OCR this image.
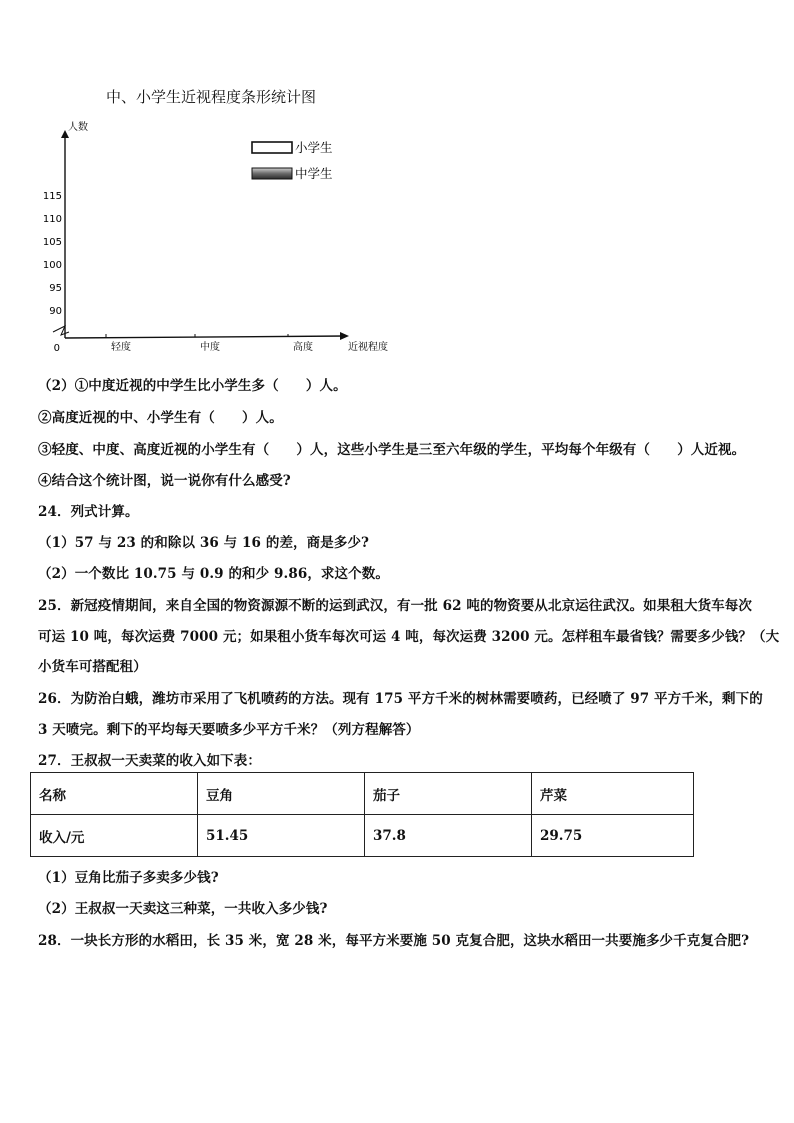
中、小学生近视程度条形统计图
人数
近视程度
90
95
100
105
110
115
0	轻度	中度	高度
小学生
中学生
（2）①中度近视的中学生比小学生多（　　）人。
②高度近视的中、小学生有（　　）人。
③轻度、中度、高度近视的小学生有（　　）人，这些小学生是三至六年级的学生，平均每个年级有（　　）人近视。
④结合这个统计图，说一说你有什么感受?
24．列式计算。
（1）57 与 23 的和除以 36 与 16 的差，商是多少?
（2）一个数比 10.75 与 0.9 的和少 9.86，求这个数。
25．新冠疫情期间，来自全国的物资源源不断的运到武汉，有一批 62 吨的物资要从北京运往武汉。如果租大货车每次
可运 10 吨，每次运费 7000 元；如果租小货车每次可运 4 吨，每次运费 3200 元。怎样租车最省钱？需要多少钱？（大
小货车可搭配租）
26．为防治白蛾，潍坊市采用了飞机喷药的方法。现有 175 平方千米的树林需要喷药，已经喷了 97 平方千米，剩下的
3 天喷完。剩下的平均每天要喷多少平方千米？（列方程解答）
27．王叔叔一天卖菜的收入如下表：
名称	豆角	茄子	芹菜
收入/元	51.45	37.8	29.75
（1）豆角比茄子多卖多少钱?
（2）王叔叔一天卖这三种菜，一共收入多少钱?
28．一块长方形的水稻田，长 35 米，宽 28 米，每平方米要施 50 克复合肥，这块水稻田一共要施多少千克复合肥?
